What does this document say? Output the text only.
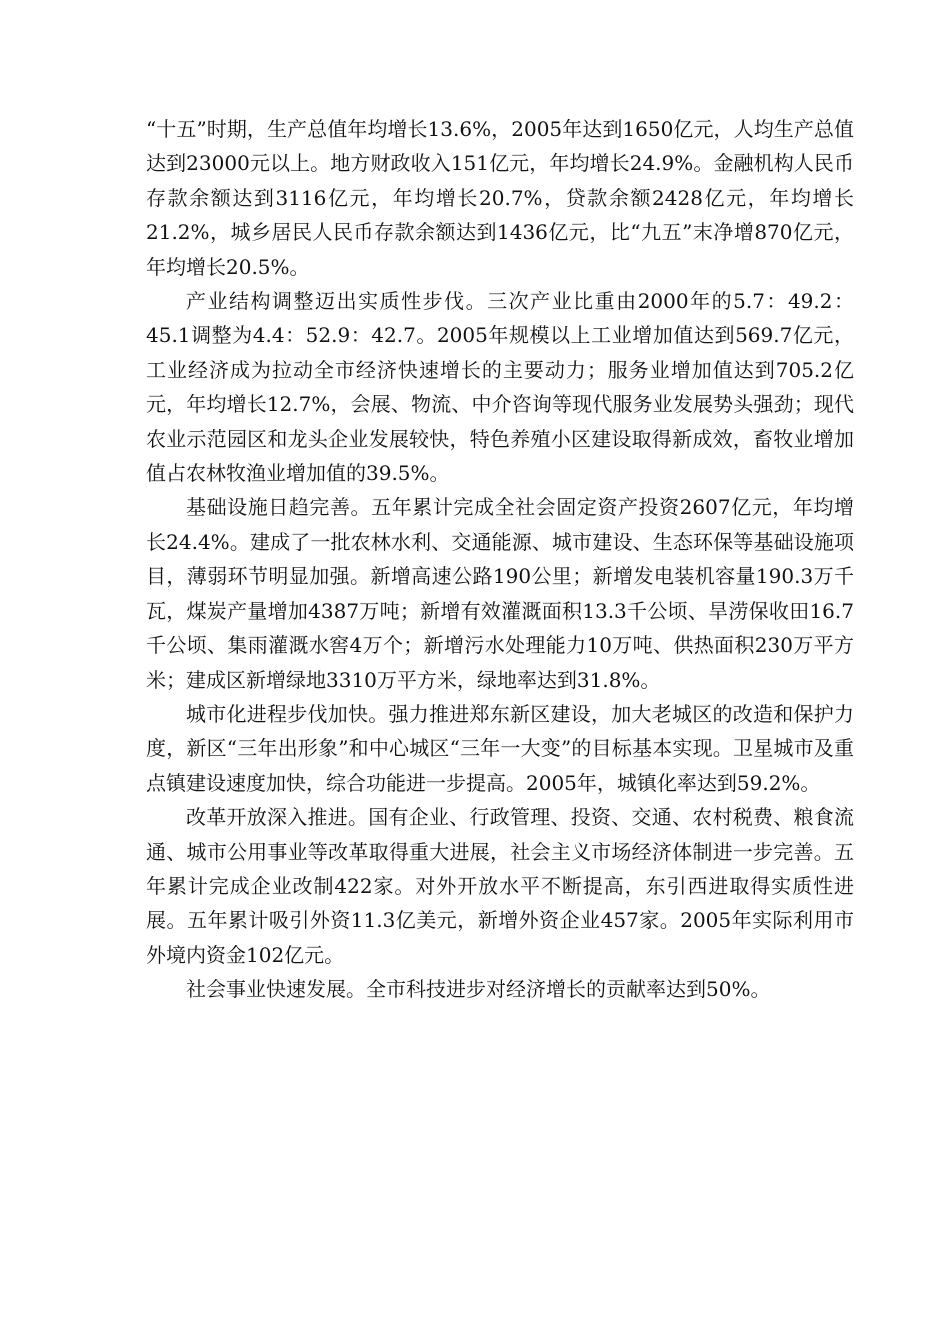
“十五”时期，生产总值年均增长13.6%，2005年达到1650亿元，人均生产总值达到23000元以上。地方财政收入151亿元，年均增长24.9%。金融机构人民币存款余额达到3116亿元，年均增长20.7%，贷款余额2428亿元，年均增长21.2%，城乡居民人民币存款余额达到1436亿元，比“九五”末净增870亿元，年均增长20.5%。

产业结构调整迈出实质性步伐。三次产业比重由2000年的5.7：49.2：45.1调整为4.4：52.9：42.7。2005年规模以上工业增加值达到569.7亿元，工业经济成为拉动全市经济快速增长的主要动力；服务业增加值达到705.2亿元，年均增长12.7%，会展、物流、中介咨询等现代服务业发展势头强劲；现代农业示范园区和龙头企业发展较快，特色养殖小区建设取得新成效，畜牧业增加值占农林牧渔业增加值的39.5%。

基础设施日趋完善。五年累计完成全社会固定资产投资2607亿元，年均增长24.4%。建成了一批农林水利、交通能源、城市建设、生态环保等基础设施项目，薄弱环节明显加强。新增高速公路190公里；新增发电装机容量190.3万千瓦，煤炭产量增加4387万吨；新增有效灌溉面积13.3千公顷、旱涝保收田16.7千公顷、集雨灌溉水窖4万个；新增污水处理能力10万吨、供热面积230万平方米；建成区新增绿地3310万平方米，绿地率达到31.8%。

城市化进程步伐加快。强力推进郑东新区建设，加大老城区的改造和保护力度，新区“三年出形象”和中心城区“三年一大变”的目标基本实现。卫星城市及重点镇建设速度加快，综合功能进一步提高。2005年，城镇化率达到59.2%。

改革开放深入推进。国有企业、行政管理、投资、交通、农村税费、粮食流通、城市公用事业等改革取得重大进展，社会主义市场经济体制进一步完善。五年累计完成企业改制422家。对外开放水平不断提高，东引西进取得实质性进展。五年累计吸引外资11.3亿美元，新增外资企业457家。2005年实际利用市外境内资金102亿元。

社会事业快速发展。全市科技进步对经济增长的贡献率达到50%。
